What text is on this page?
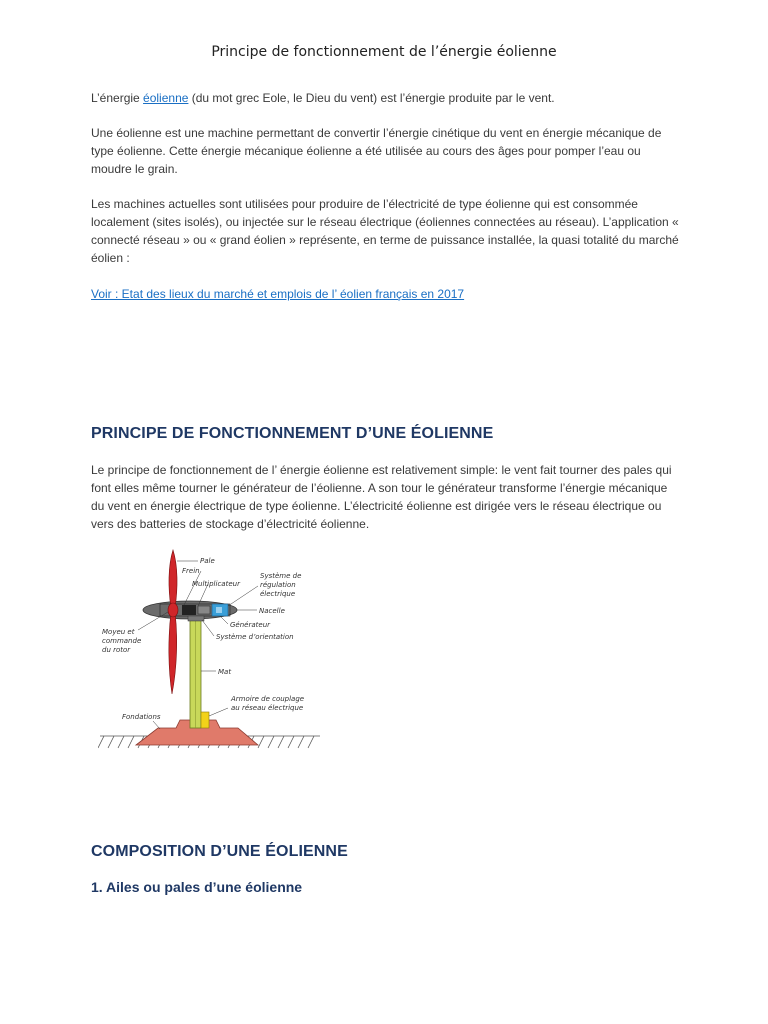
Principe de fonctionnement de l’énergie éolienne

L’énergie éolienne (du mot grec Eole, le Dieu du vent) est l’énergie produite par le vent.

Une éolienne est une machine permettant de convertir l’énergie cinétique du vent en énergie mécanique de type éolienne. Cette énergie mécanique éolienne a été utilisée au cours des âges pour pomper l’eau ou moudre le grain.

Les machines actuelles sont utilisées pour produire de l’électricité de type éolienne qui est consommée localement (sites isolés), ou injectée sur le réseau électrique (éoliennes connectées au réseau). L’application « connecté réseau » ou « grand éolien » représente, en terme de puissance installée, la quasi totalité du marché éolien :

Voir : Etat des lieux du marché et emplois de l’ éolien français en 2017

PRINCIPE DE FONCTIONNEMENT D’UNE ÉOLIENNE

Le principe de fonctionnement de l’ énergie éolienne est relativement simple: le vent fait tourner des pales qui font elles même tourner le générateur de l’éolienne. A son tour le générateur transforme l’énergie mécanique du vent en énergie électrique de type éolienne. L’électricité éolienne est dirigée vers le réseau électrique ou vers des batteries de stockage d’électricité éolienne.

Pale
Frein
Multiplicateur
Système de
régulation
électrique
Nacelle
Générateur
Système d’orientation
Moyeu et
commande
du rotor
Mat
Armoire de couplage
au réseau électrique
Fondations
COMPOSITION D’UNE ÉOLIENNE
1. Ailes ou pales d’une éolienne
